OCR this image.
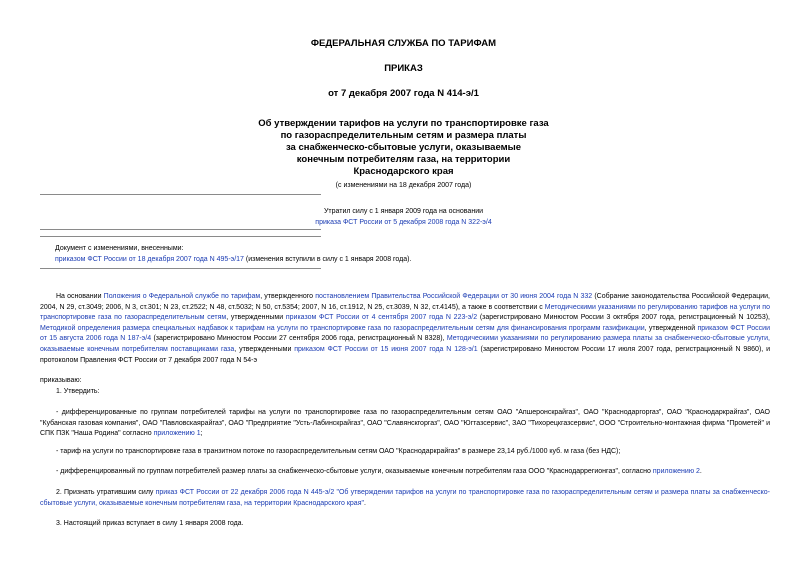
ФЕДЕРАЛЬНАЯ СЛУЖБА ПО ТАРИФАМ
ПРИКАЗ
от 7 декабря 2007 года N 414-э/1
Об утверждении тарифов на услуги по транспортировке газа
по газораспределительным сетям и размера платы
за снабженческо-сбытовые услуги, оказываемые
конечным потребителям газа, на территории
Краснодарского края
(с изменениями на 18 декабря 2007 года)
Утратил силу с 1 января 2009 года на основании
приказа ФСТ России от 5 декабря 2008 года N 322-э/4
Документ с изменениями, внесенными:
приказом ФСТ России от 18 декабря 2007 года N 495-э/17 (изменения вступили в силу с 1 января 2008 года).
На основании Положения о Федеральной службе по тарифам, утвержденного постановлением Правительства Российской Федерации от 30 июня 2004 года N 332 (Собрание законодательства Российской Федерации, 2004, N 29, ст.3049; 2006, N 3, ст.301; N 23, ст.2522; N 48, ст.5032; N 50, ст.5354; 2007, N 16, ст.1912, N 25, ст.3039, N 32, ст.4145), а также в соответствии с Методическими указаниями по регулированию тарифов на услуги по транспортировке газа по газораспределительным сетям, утвержденными приказом ФСТ России от 4 сентября 2007 года N 223-э/2 (зарегистрировано Минюстом России 3 октября 2007 года, регистрационный N 10253), Методикой определения размера специальных надбавок к тарифам на услуги по транспортировке газа по газораспределительным сетям для финансирования программ газификации, утвержденной приказом ФСТ России от 15 августа 2006 года N 187-э/4 (зарегистрировано Минюстом России 27 сентября 2006 года, регистрационный N 8328), Методическими указаниями по регулированию размера платы за снабженческо-сбытовые услуги, оказываемые конечным потребителям поставщиками газа, утвержденными приказом ФСТ России от 15 июня 2007 года N 128-э/1 (зарегистрировано Минюстом России 17 июля 2007 года, регистрационный N 9860), и протоколом Правления ФСТ России от 7 декабря 2007 года N 54-э
приказываю:
1. Утвердить:
- дифференцированные по группам потребителей тарифы на услуги по транспортировке газа по газораспределительным сетям ОАО "Апшеронскрайгаз", ОАО "Краснодаргоргаз", ОАО "Краснодаркрайгаз", ОАО "Кубанская газовая компания", ОАО "Павловскаярайгаз", ОАО "Предприятие "Усть-Лабинскрайгаз", ОАО "Славянскгоргаз", ОАО "Югтазсервис", ЗАО "Тихорецкгазсервис", ООО "Строительно-монтажная фирма "Прометей" и СПК ПЗК "Наша Родина" согласно приложению 1;
- тариф на услуги по транспортировке газа в транзитном потоке по газораспределительным сетям ОАО "Краснодаркрайгаз" в размере 23,14 руб./1000 куб. м газа (без НДС);
- дифференцированный по группам потребителей размер платы за снабженческо-сбытовые услуги, оказываемые конечным потребителям газа ООО "Краснодаррегионгаз", согласно приложению 2.
2. Признать утратившим силу приказ ФСТ России от 22 декабря 2006 года N 445-э/2 "Об утверждении тарифов на услуги по транспортировке газа по газораспределительным сетям и размера платы за снабженческо-сбытовые услуги, оказываемые конечным потребителям газа, на территории Краснодарского края".
3. Настоящий приказ вступает в силу 1 января 2008 года.
